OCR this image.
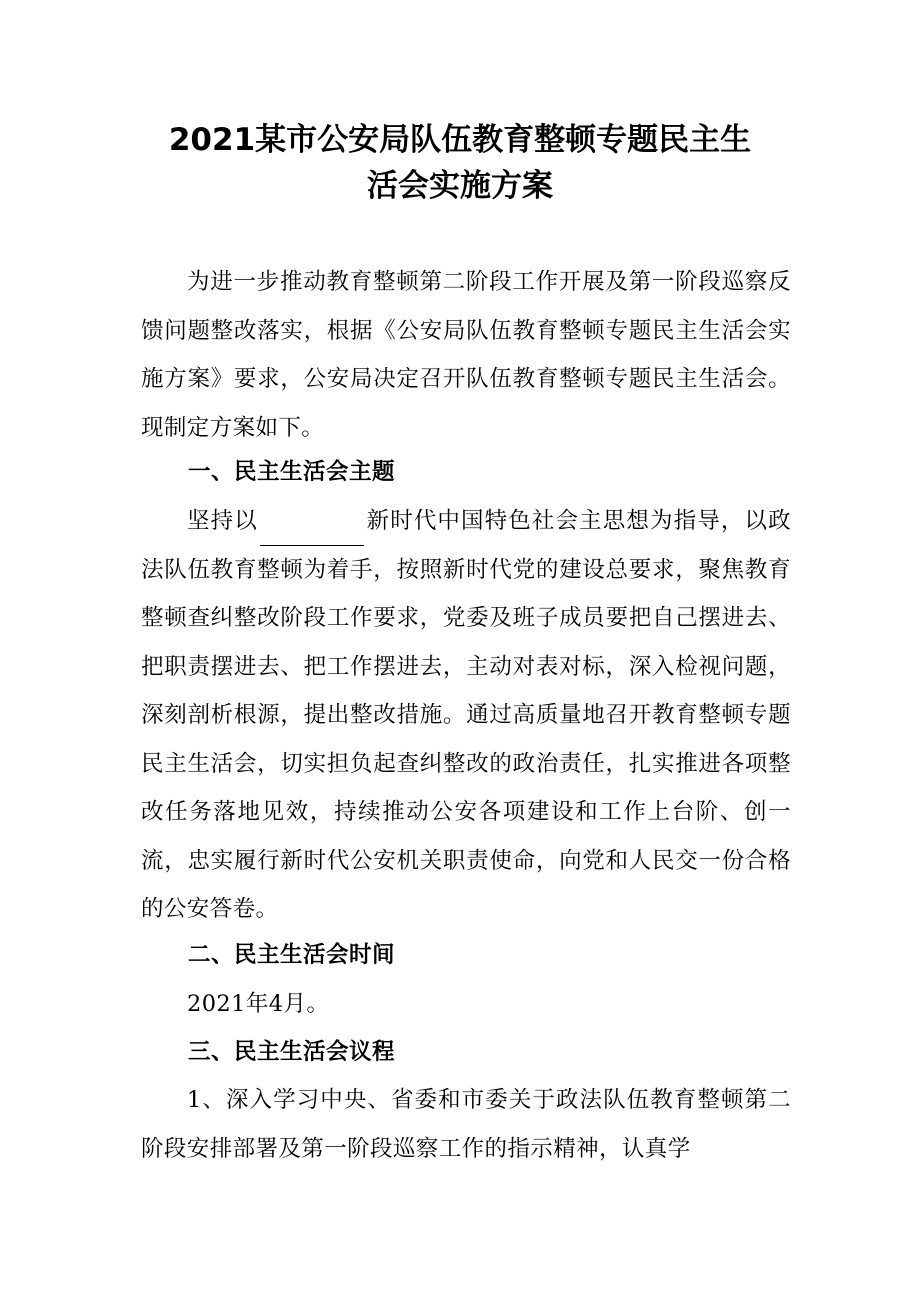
2021某市公安局队伍教育整顿专题民主生
活会实施方案

为进一步推动教育整顿第二阶段工作开展及第一阶段巡察反馈问题整改落实，根据《公安局队伍教育整顿专题民主生活会实施方案》要求，公安局决定召开队伍教育整顿专题民主生活会。现制定方案如下。

一、民主生活会主题

坚持以	新时代中国特色社会主思想为指导，以政法队伍教育整顿为着手，按照新时代党的建设总要求，聚焦教育整顿查纠整改阶段工作要求，党委及班子成员要把自己摆进去、把职责摆进去、把工作摆进去，主动对表对标，深入检视问题，深刻剖析根源，提出整改措施。通过高质量地召开教育整顿专题民主生活会，切实担负起查纠整改的政治责任，扎实推进各项整改任务落地见效，持续推动公安各项建设和工作上台阶、创一流，忠实履行新时代公安机关职责使命，向党和人民交一份合格的公安答卷。

二、民主生活会时间

2021年4月。

三、民主生活会议程

1、深入学习中央、省委和市委关于政法队伍教育整顿第二阶段安排部署及第一阶段巡察工作的指示精神，认真学
